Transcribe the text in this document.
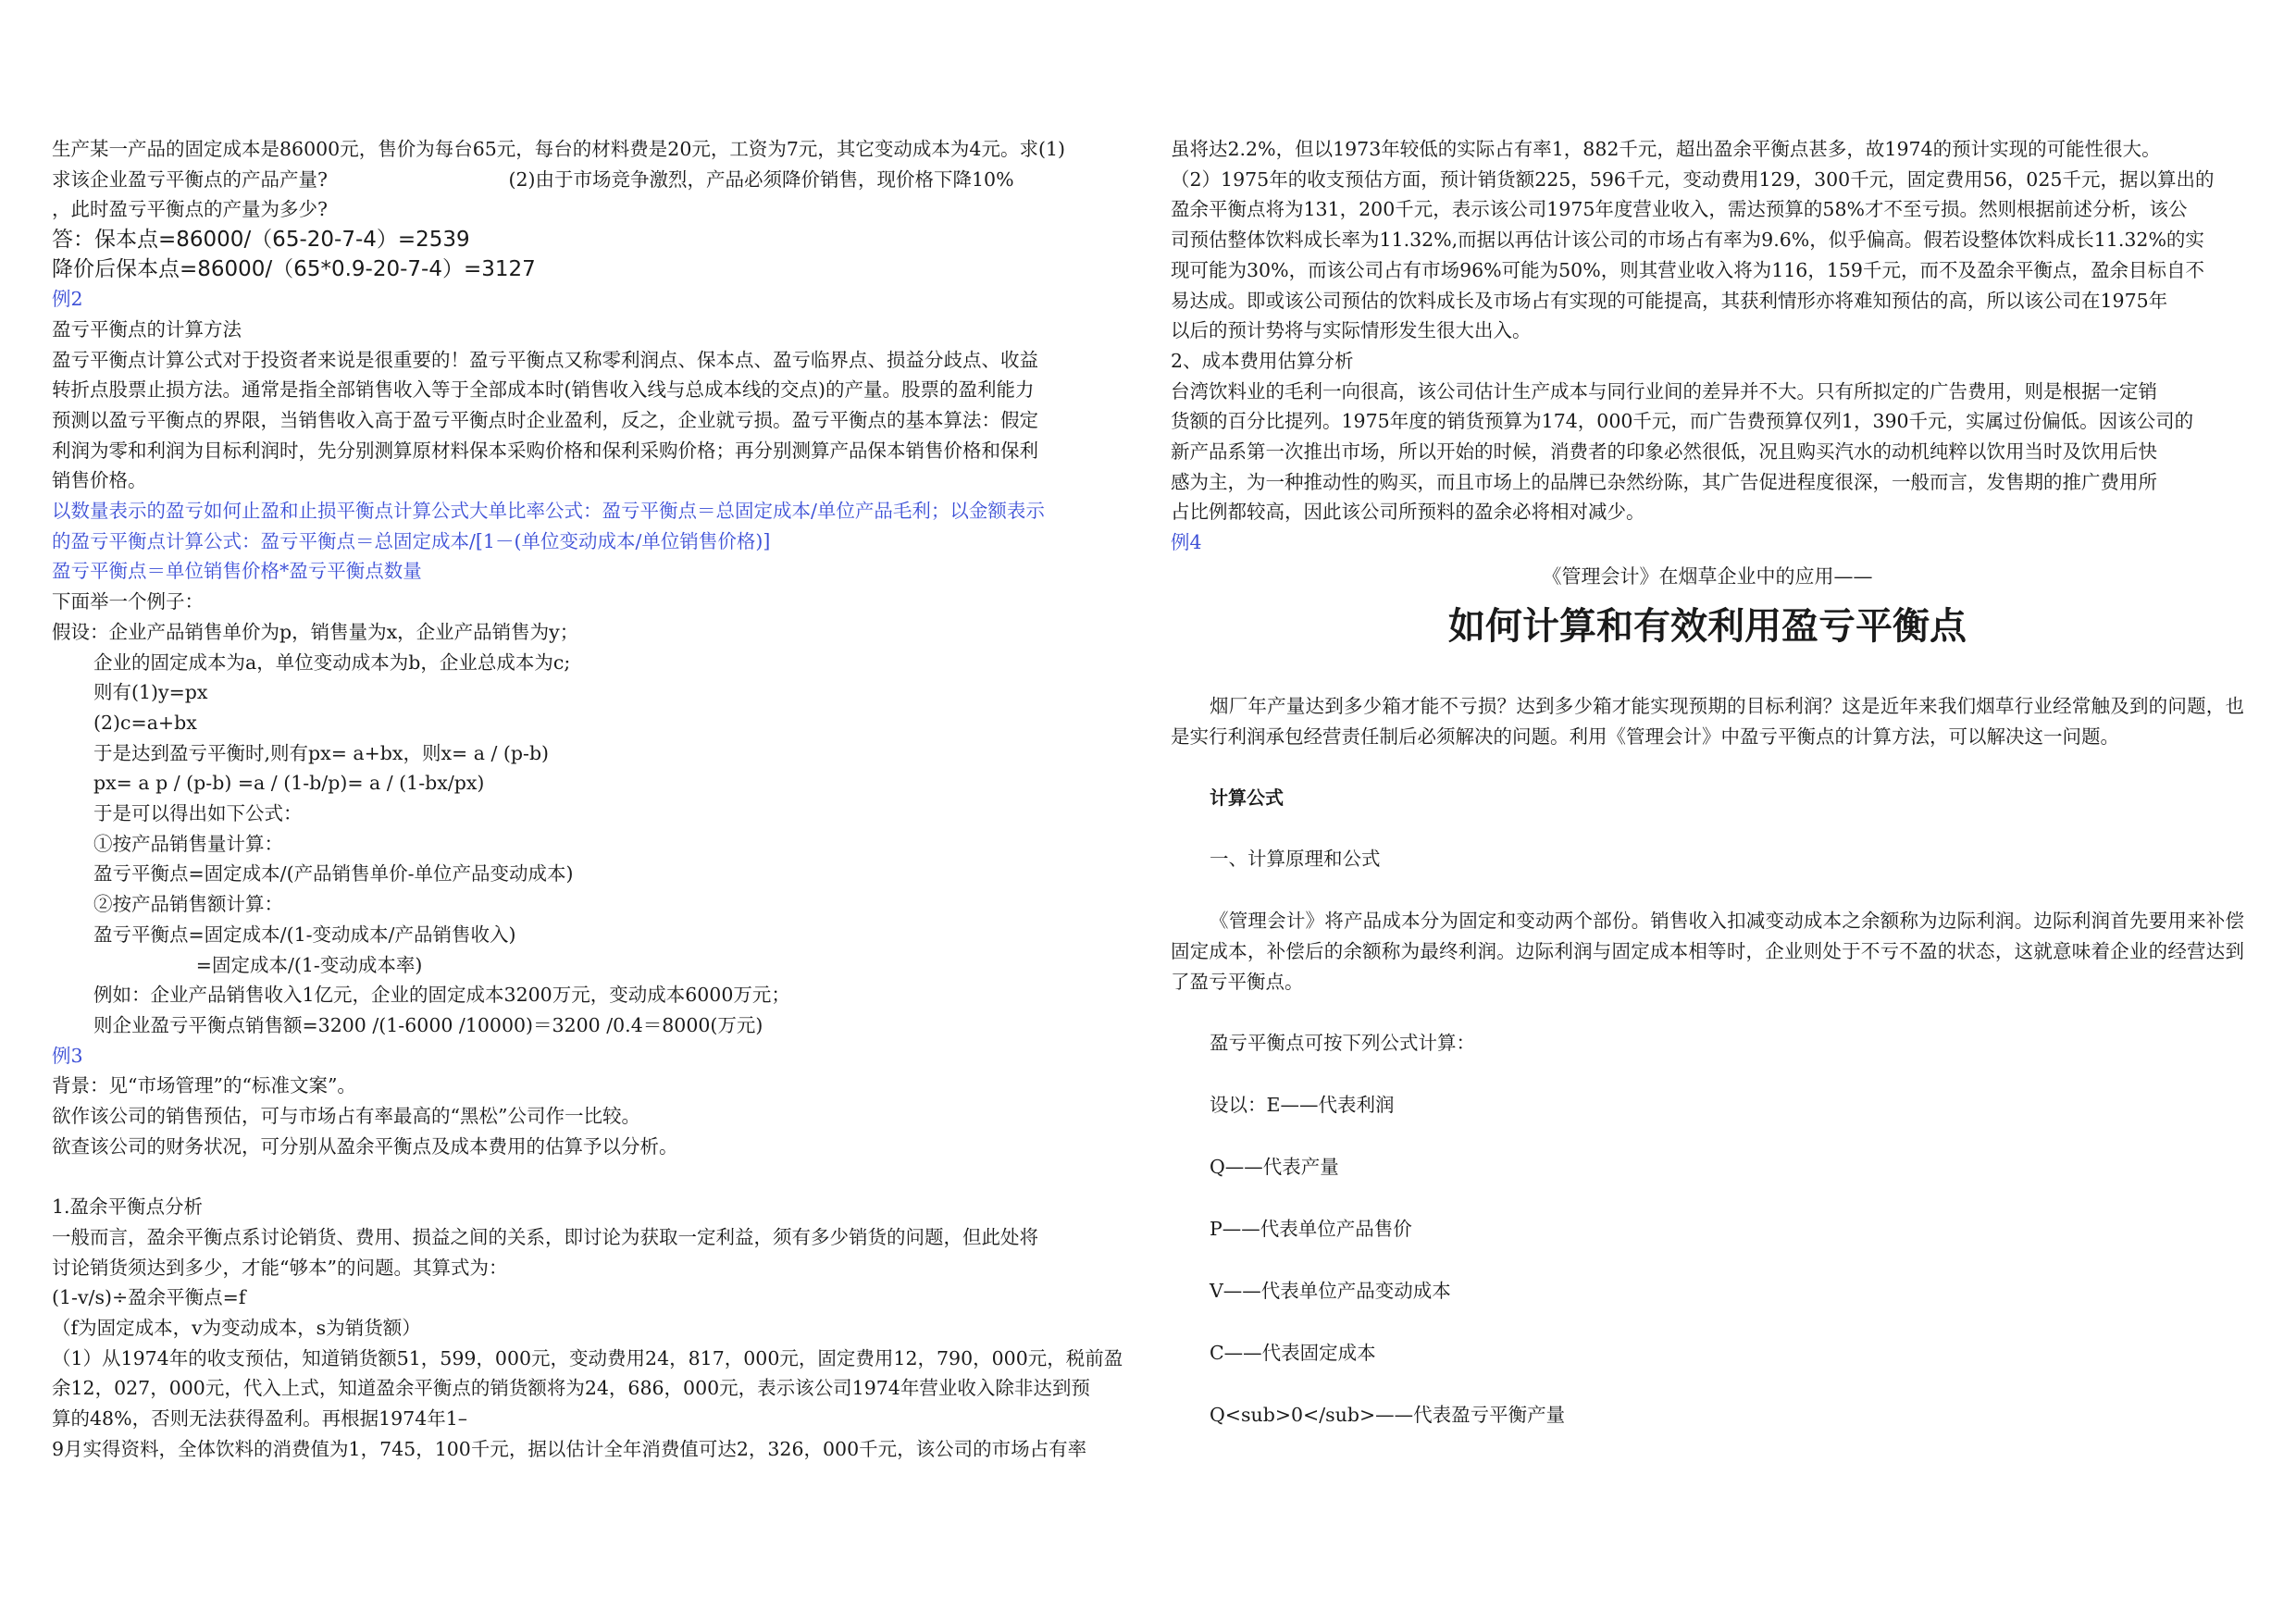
生产某一产品的固定成本是86000元，售价为每台65元，每台的材料费是20元，工资为7元，其它变动成本为4元。求(1)
求该企业盈亏平衡点的产品产量?                              (2)由于市场竞争激烈，产品必须降价销售，现价格下降10%
，此时盈亏平衡点的产量为多少?
答：保本点=86000/（65-20-7-4）=2539
降价后保本点=86000/（65*0.9-20-7-4）=3127
例2
盈亏平衡点的计算方法
盈亏平衡点计算公式对于投资者来说是很重要的！盈亏平衡点又称零利润点、保本点、盈亏临界点、损益分歧点、收益
转折点股票止损方法。通常是指全部销售收入等于全部成本时(销售收入线与总成本线的交点)的产量。股票的盈利能力
预测以盈亏平衡点的界限，当销售收入高于盈亏平衡点时企业盈利，反之，企业就亏损。盈亏平衡点的基本算法：假定
利润为零和利润为目标利润时，先分别测算原材料保本采购价格和保利采购价格；再分别测算产品保本销售价格和保利
销售价格。
以数量表示的盈亏如何止盈和止损平衡点计算公式大单比率公式：盈亏平衡点＝总固定成本/单位产品毛利；以金额表示
的盈亏平衡点计算公式：盈亏平衡点＝总固定成本/[1－(单位变动成本/单位销售价格)]
盈亏平衡点＝单位销售价格*盈亏平衡点数量
下面举一个例子：
假设：企业产品销售单价为p，销售量为x，企业产品销售为y；
企业的固定成本为a，单位变动成本为b，企业总成本为c;
则有(1)y=px
(2)c=a+bx
于是达到盈亏平衡时,则有px= a+bx，则x= a / (p-b)
px= a p / (p-b) =a / (1-b/p)= a / (1-bx/px)
于是可以得出如下公式：
①按产品销售量计算：
盈亏平衡点=固定成本/(产品销售单价-单位产品变动成本)
②按产品销售额计算：
盈亏平衡点=固定成本/(1-变动成本/产品销售收入)
=固定成本/(1-变动成本率)
例如：企业产品销售收入1亿元，企业的固定成本3200万元，变动成本6000万元；
则企业盈亏平衡点销售额=3200 /(1-6000 /10000)＝3200 /0.4＝8000(万元)
例3
背景：见“市场管理”的“标准文案”。
欲作该公司的销售预估，可与市场占有率最高的“黑松”公司作一比较。
欲查该公司的财务状况，可分别从盈余平衡点及成本费用的估算予以分析。
1.盈余平衡点分析
一般而言，盈余平衡点系讨论销货、费用、损益之间的关系，即讨论为获取一定利益，须有多少销货的问题，但此处将
讨论销货须达到多少，才能“够本”的问题。其算式为：
(1-v/s)÷盈余平衡点=f
（f为固定成本，v为变动成本，s为销货额）
（1）从1974年的收支预估，知道销货额51，599，000元，变动费用24，817，000元，固定费用12，790，000元，税前盈
余12，027，000元，代入上式，知道盈余平衡点的销货额将为24，686，000元，表示该公司1974年营业收入除非达到预
算的48%，否则无法获得盈利。再根据1974年1–
9月实得资料，全体饮料的消费值为1，745，100千元，据以估计全年消费值可达2，326，000千元，该公司的市场占有率
虽将达2.2%，但以1973年较低的实际占有率1，882千元，超出盈余平衡点甚多，故1974的预计实现的可能性很大。
（2）1975年的收支预估方面，预计销货额225，596千元，变动费用129，300千元，固定费用56，025千元，据以算出的
盈余平衡点将为131，200千元，表示该公司1975年度营业收入，需达预算的58%才不至亏损。然则根据前述分析，该公
司预估整体饮料成长率为11.32%,而据以再估计该公司的市场占有率为9.6%，似乎偏高。假若设整体饮料成长11.32%的实
现可能为30%，而该公司占有市场96%可能为50%，则其营业收入将为116，159千元，而不及盈余平衡点，盈余目标自不
易达成。即或该公司预估的饮料成长及市场占有实现的可能提高，其获利情形亦将难知预估的高，所以该公司在1975年
以后的预计势将与实际情形发生很大出入。
2、成本费用估算分析
台湾饮料业的毛利一向很高，该公司估计生产成本与同行业间的差异并不大。只有所拟定的广告费用，则是根据一定销
货额的百分比提列。1975年度的销货预算为174，000千元，而广告费预算仅列1，390千元，实属过份偏低。因该公司的
新产品系第一次推出市场，所以开始的时候，消费者的印象必然很低，况且购买汽水的动机纯粹以饮用当时及饮用后快
感为主，为一种推动性的购买，而且市场上的品牌已杂然纷陈，其广告促进程度很深，一般而言，发售期的推广费用所
占比例都较高，因此该公司所预料的盈余必将相对减少。
例4
《管理会计》在烟草企业中的应用——
如何计算和有效利用盈亏平衡点

烟厂年产量达到多少箱才能不亏损？达到多少箱才能实现预期的目标利润？这是近年来我们烟草行业经常触及到的问题，也是实行利润承包经营责任制后必须解决的问题。利用《管理会计》中盈亏平衡点的计算方法，可以解决这一问题。

计算公式
一、计算原理和公式

《管理会计》将产品成本分为固定和变动两个部份。销售收入扣减变动成本之余额称为边际利润。边际利润首先要用来补偿固定成本，补偿后的余额称为最终利润。边际利润与固定成本相等时，企业则处于不亏不盈的状态，这就意味着企业的经营达到了盈亏平衡点。

盈亏平衡点可按下列公式计算：
设以：E——代表利润
Q——代表产量
P——代表单位产品售价
V——代表单位产品变动成本
C——代表固定成本
Q<sub>0</sub>——代表盈亏平衡产量
